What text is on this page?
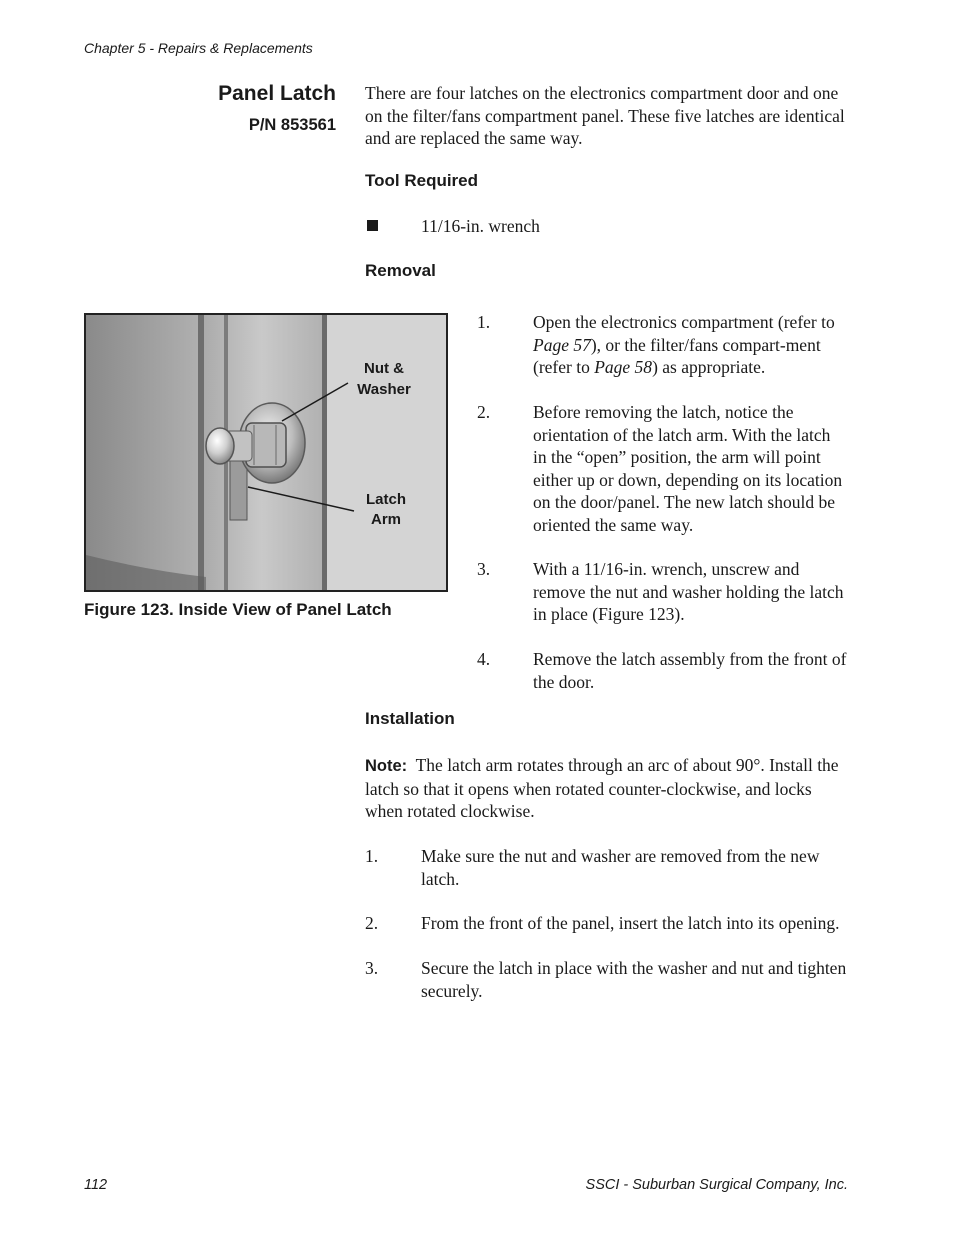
Chapter 5 - Repairs & Replacements
Panel Latch
P/N 853561
There are four latches on the electronics compartment door and one on the filter/fans compartment panel. These five latches are identical and are replaced the same way.
Tool Required
11/16-in. wrench
Removal
1. Open the electronics compartment (refer to Page 57), or the filter/fans compart-ment (refer to Page 58) as appropriate.
2. Before removing the latch, notice the orientation of the latch arm. With the latch in the “open” position, the arm will point either up or down, depending on its location on the door/panel. The new latch should be oriented the same way.
3. With a 11/16-in. wrench, unscrew and remove the nut and washer holding the latch in place (Figure 123).
4. Remove the latch assembly from the front of the door.
Nut &
Washer
Latch
Arm
Figure 123. Inside View of Panel Latch
Installation
Note: The latch arm rotates through an arc of about 90°. Install the latch so that it opens when rotated counter-clockwise, and locks when rotated clockwise.
1. Make sure the nut and washer are removed from the new latch.
2. From the front of the panel, insert the latch into its opening.
3. Secure the latch in place with the washer and nut and tighten securely.
112	SSCI - Suburban Surgical Company, Inc.
